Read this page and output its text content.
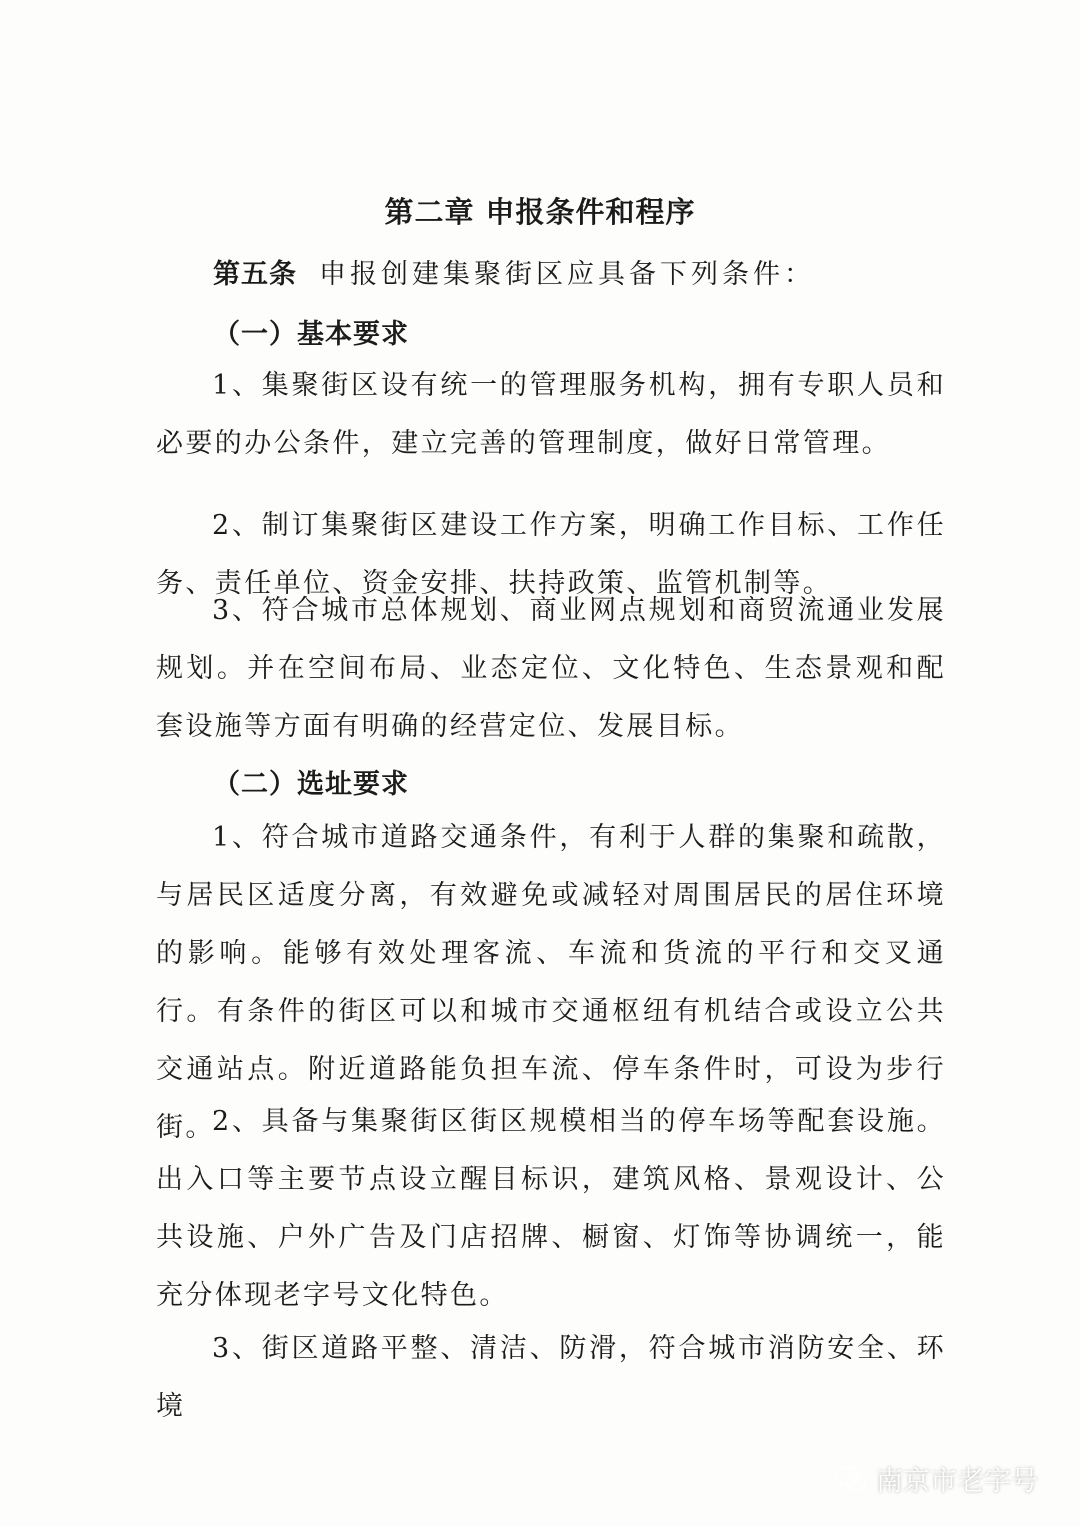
第二章 申报条件和程序

第五条 申报创建集聚街区应具备下列条件：

（一）基本要求

1、集聚街区设有统一的管理服务机构，拥有专职人员和必要的办公条件，建立完善的管理制度，做好日常管理。

2、制订集聚街区建设工作方案，明确工作目标、工作任务、责任单位、资金安排、扶持政策、监管机制等。

3、符合城市总体规划、商业网点规划和商贸流通业发展规划。并在空间布局、业态定位、文化特色、生态景观和配套设施等方面有明确的经营定位、发展目标。

（二）选址要求

1、符合城市道路交通条件，有利于人群的集聚和疏散，与居民区适度分离，有效避免或减轻对周围居民的居住环境的影响。能够有效处理客流、车流和货流的平行和交叉通行。有条件的街区可以和城市交通枢纽有机结合或设立公共交通站点。附近道路能负担车流、停车条件时，可设为步行街。

2、具备与集聚街区街区规模相当的停车场等配套设施。出入口等主要节点设立醒目标识，建筑风格、景观设计、公共设施、户外广告及门店招牌、橱窗、灯饰等协调统一，能充分体现老字号文化特色。

3、街区道路平整、清洁、防滑，符合城市消防安全、环境

南京市老字号
